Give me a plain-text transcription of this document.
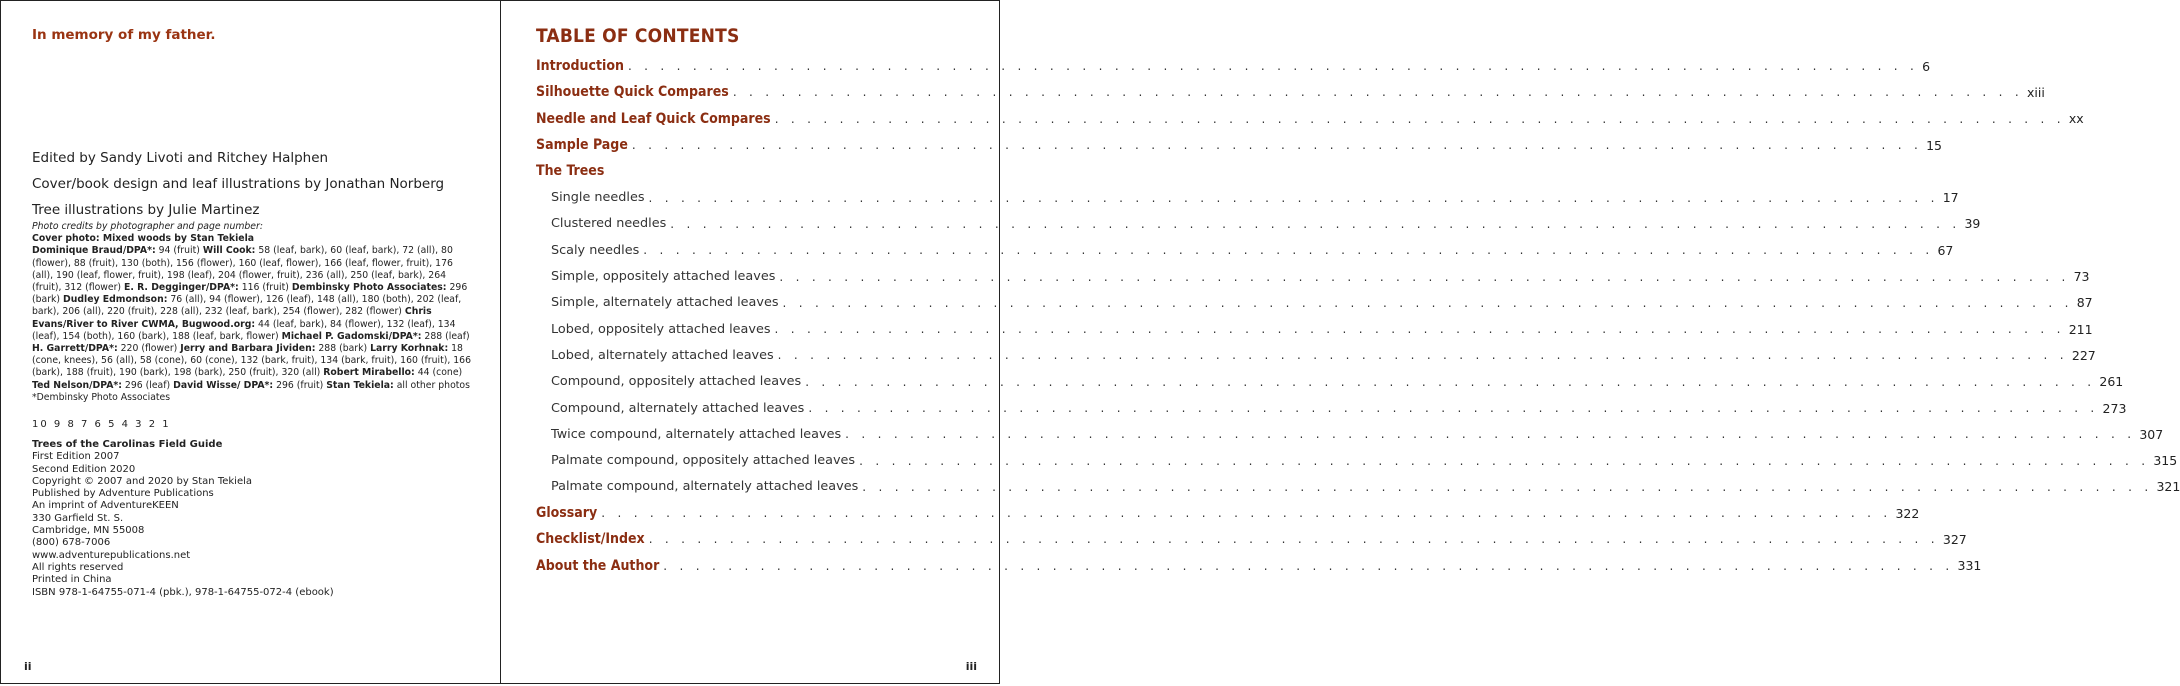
In memory of my father.
Edited by Sandy Livoti and Ritchey Halphen
Cover/book design and leaf illustrations by Jonathan Norberg
Tree illustrations by Julie Martinez
Photo credits by photographer and page number:
Cover photo: Mixed woods by Stan Tekiela
Dominique Braud/DPA*: 94 (fruit) Will Cook: 58 (leaf, bark), 60 (leaf, bark), 72 (all), 80 (flower), 88 (fruit), 130 (both), 156 (flower), 160 (leaf, flower), 166 (leaf, flower, fruit), 176 (all), 190 (leaf, flower, fruit), 198 (leaf), 204 (flower, fruit), 236 (all), 250 (leaf, bark), 264 (fruit), 312 (flower) E. R. Degginger/DPA*: 116 (fruit) Dembinsky Photo Associates: 296 (bark) Dudley Edmondson: 76 (all), 94 (flower), 126 (leaf), 148 (all), 180 (both), 202 (leaf, bark), 206 (all), 220 (fruit), 228 (all), 232 (leaf, bark), 254 (flower), 282 (flower) Chris Evans/River to River CWMA, Bugwood.org: 44 (leaf, bark), 84 (flower), 132 (leaf), 134 (leaf), 154 (both), 160 (bark), 188 (leaf, bark, flower) Michael P. Gadomski/DPA*: 288 (leaf) H. Garrett/DPA*: 220 (flower) Jerry and Barbara Jividen: 288 (bark) Larry Korhnak: 18 (cone, knees), 56 (all), 58 (cone), 60 (cone), 132 (bark, fruit), 134 (bark, fruit), 160 (fruit), 166 (bark), 188 (fruit), 190 (bark), 198 (bark), 250 (fruit), 320 (all) Robert Mirabello: 44 (cone) Ted Nelson/DPA*: 296 (leaf) David Wisse/ DPA*: 296 (fruit) Stan Tekiela: all other photos
*Dembinsky Photo Associates
10 9 8 7 6 5 4 3 2 1
Trees of the Carolinas Field Guide
First Edition 2007
Second Edition 2020
Copyright © 2007 and 2020 by Stan Tekiela
Published by Adventure Publications
An imprint of AdventureKEEN
330 Garfield St. S.
Cambridge, MN 55008
(800) 678-7006
www.adventurepublications.net
All rights reserved
Printed in China
ISBN 978-1-64755-071-4 (pbk.), 978-1-64755-072-4 (ebook)
ii
TABLE OF CONTENTS
Introduction . . . . . . . . . . . . . . . . . . . . . . . . . . . . . . . . . . . . . . . . . . . . . . . . . . . . . . . . . . . . . . . . . . . . . . . . . . . . . . . . 6
Silhouette Quick Compares . . . . . . . . . . . . . . . . . . . . . . . . . . . . . . . . . . . . . . . . . . . . . . . . . . . . . . . . . . . . . . . . . . . . . . . . . . . . . . . . xiii
Needle and Leaf Quick Compares . . . . . . . . . . . . . . . . . . . . . . . . . . . . . . . . . . . . . . . . . . . . . . . . . . . . . . . . . . . . . . . . . . . . . . . . . . . . . . . . xx
Sample Page . . . . . . . . . . . . . . . . . . . . . . . . . . . . . . . . . . . . . . . . . . . . . . . . . . . . . . . . . . . . . . . . . . . . . . . . . . . . . . . . 15
The Trees
Single needles . . . . . . . . . . . . . . . . . . . . . . . . . . . . . . . . . . . . . . . . . . . . . . . . . . . . . . . . . . . . . . . . . . . . . . . . . . . . . . . . 17
Clustered needles . . . . . . . . . . . . . . . . . . . . . . . . . . . . . . . . . . . . . . . . . . . . . . . . . . . . . . . . . . . . . . . . . . . . . . . . . . . . . . . . 39
Scaly needles . . . . . . . . . . . . . . . . . . . . . . . . . . . . . . . . . . . . . . . . . . . . . . . . . . . . . . . . . . . . . . . . . . . . . . . . . . . . . . . . 67
Simple, oppositely attached leaves . . . . . . . . . . . . . . . . . . . . . . . . . . . . . . . . . . . . . . . . . . . . . . . . . . . . . . . . . . . . . . . . . . . . . . . . . . . . . . . . 73
Simple, alternately attached leaves . . . . . . . . . . . . . . . . . . . . . . . . . . . . . . . . . . . . . . . . . . . . . . . . . . . . . . . . . . . . . . . . . . . . . . . . . . . . . . . . 87
Lobed, oppositely attached leaves . . . . . . . . . . . . . . . . . . . . . . . . . . . . . . . . . . . . . . . . . . . . . . . . . . . . . . . . . . . . . . . . . . . . . . . . . . . . . . . . 211
Lobed, alternately attached leaves . . . . . . . . . . . . . . . . . . . . . . . . . . . . . . . . . . . . . . . . . . . . . . . . . . . . . . . . . . . . . . . . . . . . . . . . . . . . . . . . 227
Compound, oppositely attached leaves . . . . . . . . . . . . . . . . . . . . . . . . . . . . . . . . . . . . . . . . . . . . . . . . . . . . . . . . . . . . . . . . . . . . . . . . . . . . . . . . 261
Compound, alternately attached leaves . . . . . . . . . . . . . . . . . . . . . . . . . . . . . . . . . . . . . . . . . . . . . . . . . . . . . . . . . . . . . . . . . . . . . . . . . . . . . . . . 273
Twice compound, alternately attached leaves . . . . . . . . . . . . . . . . . . . . . . . . . . . . . . . . . . . . . . . . . . . . . . . . . . . . . . . . . . . . . . . . . . . . . . . . . . . . . . . . 307
Palmate compound, oppositely attached leaves . . . . . . . . . . . . . . . . . . . . . . . . . . . . . . . . . . . . . . . . . . . . . . . . . . . . . . . . . . . . . . . . . . . . . . . . . . . . . . . . 315
Palmate compound, alternately attached leaves . . . . . . . . . . . . . . . . . . . . . . . . . . . . . . . . . . . . . . . . . . . . . . . . . . . . . . . . . . . . . . . . . . . . . . . . . . . . . . . . 321
Glossary . . . . . . . . . . . . . . . . . . . . . . . . . . . . . . . . . . . . . . . . . . . . . . . . . . . . . . . . . . . . . . . . . . . . . . . . . . . . . . . . 322
Checklist/Index . . . . . . . . . . . . . . . . . . . . . . . . . . . . . . . . . . . . . . . . . . . . . . . . . . . . . . . . . . . . . . . . . . . . . . . . . . . . . . . . 327
About the Author . . . . . . . . . . . . . . . . . . . . . . . . . . . . . . . . . . . . . . . . . . . . . . . . . . . . . . . . . . . . . . . . . . . . . . . . . . . . . . . . 331
iii
